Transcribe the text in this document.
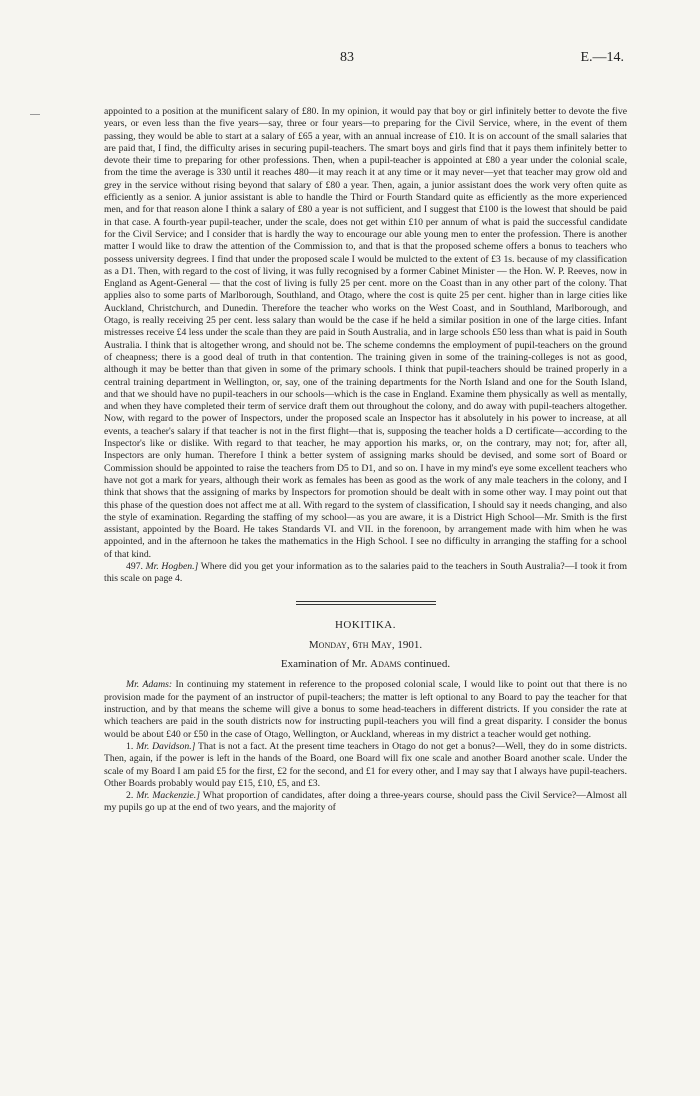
83	E.—14.

appointed to a position at the munificent salary of £80. In my opinion, it would pay that boy or girl infinitely better to devote the five years, or even less than the five years—say, three or four years—to preparing for the Civil Service, where, in the event of them passing, they would be able to start at a salary of £65 a year, with an annual increase of £10. It is on account of the small salaries that are paid that, I find, the difficulty arises in securing pupil-teachers. The smart boys and girls find that it pays them infinitely better to devote their time to preparing for other professions. Then, when a pupil-teacher is appointed at £80 a year under the colonial scale, from the time the average is 330 until it reaches 480—it may reach it at any time or it may never—yet that teacher may grow old and grey in the service without rising beyond that salary of £80 a year. Then, again, a junior assistant does the work very often quite as efficiently as a senior. A junior assistant is able to handle the Third or Fourth Standard quite as efficiently as the more experienced men, and for that reason alone I think a salary of £80 a year is not sufficient, and I suggest that £100 is the lowest that should be paid in that case. A fourth-year pupil-teacher, under the scale, does not get within £10 per annum of what is paid the successful candidate for the Civil Service; and I consider that is hardly the way to encourage our able young men to enter the profession. There is another matter I would like to draw the attention of the Commission to, and that is that the proposed scheme offers a bonus to teachers who possess university degrees. I find that under the proposed scale I would be mulcted to the extent of £3 1s. because of my classification as a D1. Then, with regard to the cost of living, it was fully recognised by a former Cabinet Minister — the Hon. W. P. Reeves, now in England as Agent-General — that the cost of living is fully 25 per cent. more on the Coast than in any other part of the colony. That applies also to some parts of Marlborough, Southland, and Otago, where the cost is quite 25 per cent. higher than in large cities like Auckland, Christchurch, and Dunedin. Therefore the teacher who works on the West Coast, and in Southland, Marlborough, and Otago, is really receiving 25 per cent. less salary than would be the case if he held a similar position in one of the large cities. Infant mistresses receive £4 less under the scale than they are paid in South Australia, and in large schools £50 less than what is paid in South Australia. I think that is altogether wrong, and should not be. The scheme condemns the employment of pupil-teachers on the ground of cheapness; there is a good deal of truth in that contention. The training given in some of the training-colleges is not as good, although it may be better than that given in some of the primary schools. I think that pupil-teachers should be trained properly in a central training department in Wellington, or, say, one of the training departments for the North Island and one for the South Island, and that we should have no pupil-teachers in our schools—which is the case in England. Examine them physically as well as mentally, and when they have completed their term of service draft them out throughout the colony, and do away with pupil-teachers altogether. Now, with regard to the power of Inspectors, under the proposed scale an Inspector has it absolutely in his power to increase, at all events, a teacher's salary if that teacher is not in the first flight—that is, supposing the teacher holds a D certificate—according to the Inspector's like or dislike. With regard to that teacher, he may apportion his marks, or, on the contrary, may not; for, after all, Inspectors are only human. Therefore I think a better system of assigning marks should be devised, and some sort of Board or Commission should be appointed to raise the teachers from D5 to D1, and so on. I have in my mind's eye some excellent teachers who have not got a mark for years, although their work as females has been as good as the work of any male teachers in the colony, and I think that shows that the assigning of marks by Inspectors for promotion should be dealt with in some other way. I may point out that this phase of the question does not affect me at all. With regard to the system of classification, I should say it needs changing, and also the style of examination. Regarding the staffing of my school—as you are aware, it is a District High School—Mr. Smith is the first assistant, appointed by the Board. He takes Standards VI. and VII. in the forenoon, by arrangement made with him when he was appointed, and in the afternoon he takes the mathematics in the High School. I see no difficulty in arranging the staffing for a school of that kind.

497. Mr. Hogben.] Where did you get your information as to the salaries paid to the teachers in South Australia?—I took it from this scale on page 4.

HOKITIKA.

Monday, 6th May, 1901.

Examination of Mr. Adams continued.

Mr. Adams: In continuing my statement in reference to the proposed colonial scale, I would like to point out that there is no provision made for the payment of an instructor of pupil-teachers; the matter is left optional to any Board to pay the teacher for that instruction, and by that means the scheme will give a bonus to some head-teachers in different districts. If you consider the rate at which teachers are paid in the south districts now for instructing pupil-teachers you will find a great disparity. I consider the bonus would be about £40 or £50 in the case of Otago, Wellington, or Auckland, whereas in my district a teacher would get nothing.

1. Mr. Davidson.] That is not a fact. At the present time teachers in Otago do not get a bonus?—Well, they do in some districts. Then, again, if the power is left in the hands of the Board, one Board will fix one scale and another Board another scale. Under the scale of my Board I am paid £5 for the first, £2 for the second, and £1 for every other, and I may say that I always have pupil-teachers. Other Boards probably would pay £15, £10, £5, and £3.

2. Mr. Mackenzie.] What proportion of candidates, after doing a three-years course, should pass the Civil Service?—Almost all my pupils go up at the end of two years, and the majority of
